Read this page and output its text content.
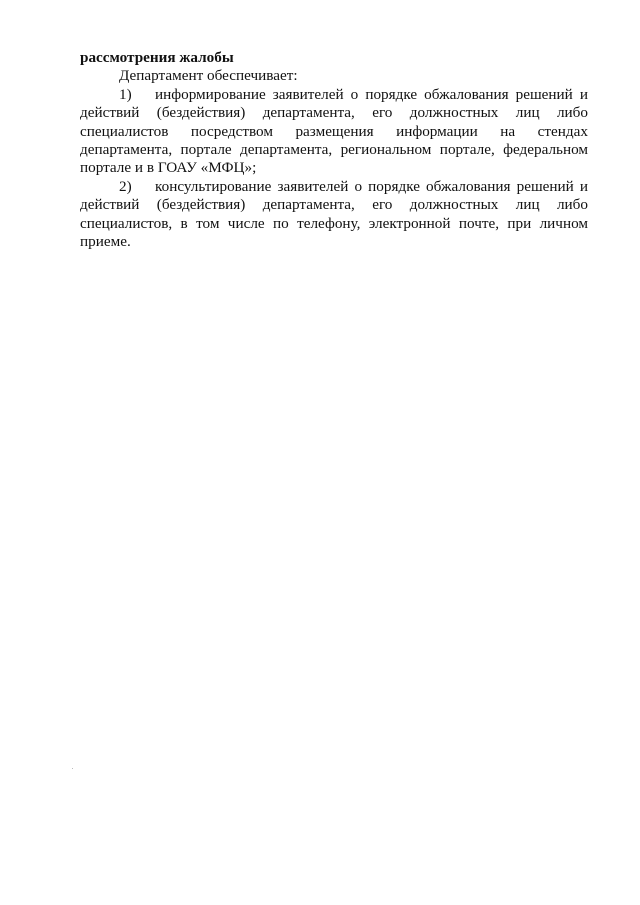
рассмотрения жалобы

Департамент обеспечивает:

1) информирование заявителей о порядке обжалования решений и действий (бездействия) департамента, его должностных лиц либо специалистов посредством размещения информации на стендах департамента, портале департамента, региональном портале, федеральном портале и в ГОАУ «МФЦ»;

2) консультирование заявителей о порядке обжалования решений и действий (бездействия) департамента, его должностных лиц либо специалистов, в том числе по телефону, электронной почте, при личном приеме.
